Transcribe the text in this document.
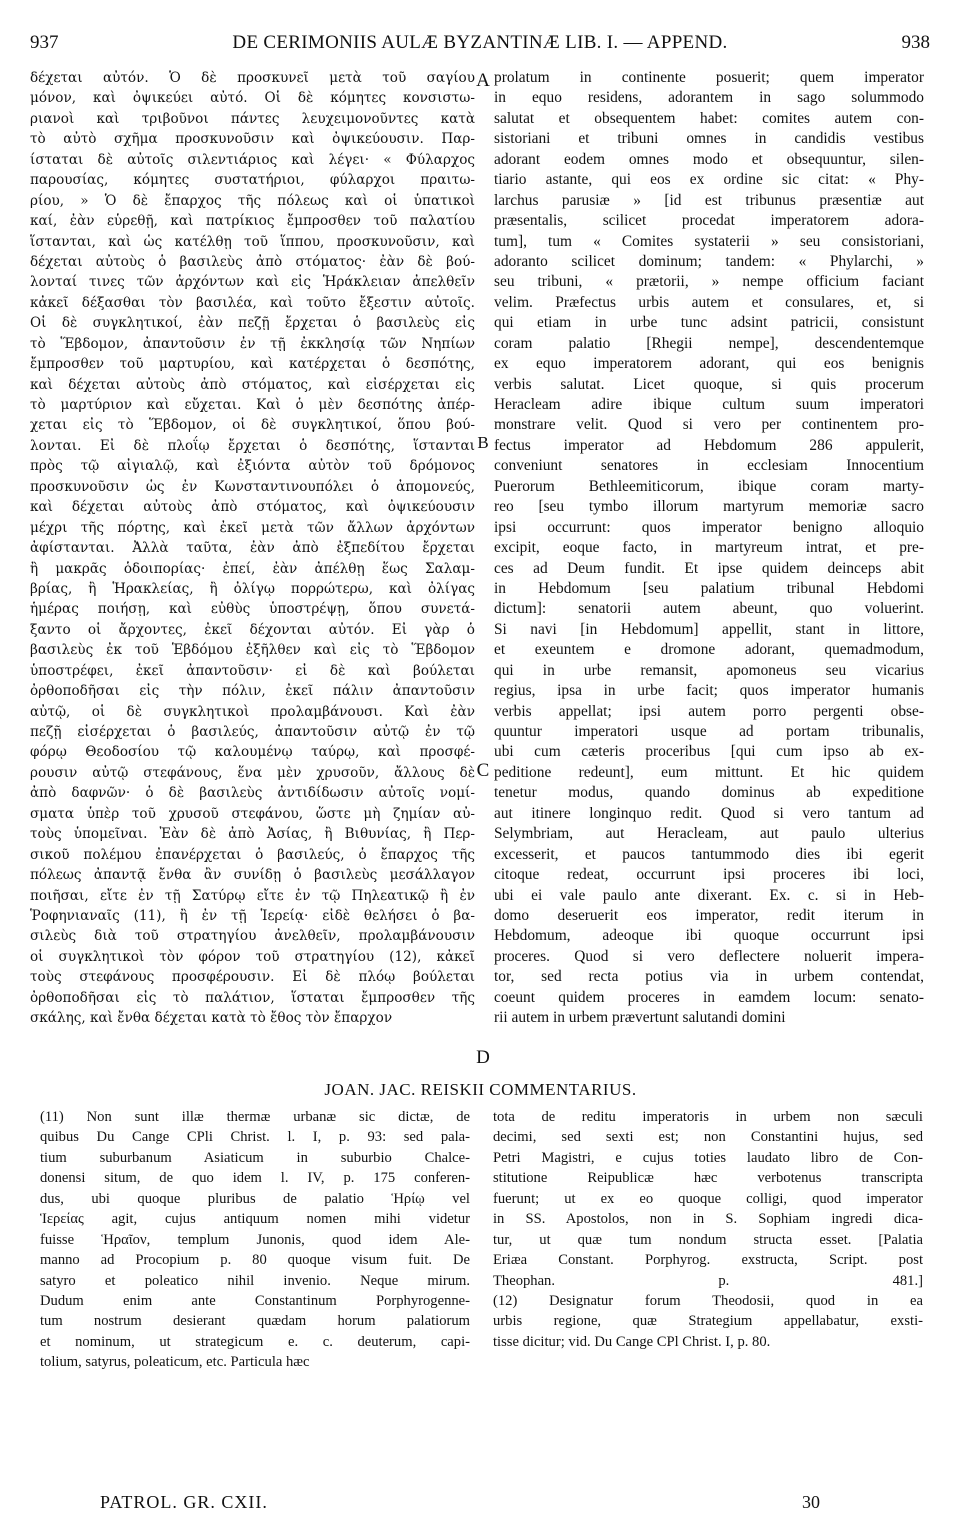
937	DE CERIMONIIS AULÆ BYZANTINÆ LIB. I. — APPEND.	938
δέχεται αὐτόν. Ὁ δὲ προσκυνεῖ μετὰ τοῦ σαγίου
μόνον, καὶ ὀψικεύει αὐτό. Οἱ δὲ κόμητες κονσιστω-
ριανοὶ καὶ τριβοῦνοι πάντες λευχειμονοῦντες κατὰ
τὸ αὐτὸ σχῆμα προσκυνοῦσιν καὶ ὀψικεύουσιν. Παρ-
ίσταται δὲ αὐτοῖς σιλεντιάριος καὶ λέγει· « Φύλαρχος
παρουσίας, κόμητες συστατήριοι, φύλαρχοι πραιτω-
ρίου, » Ὁ δὲ ἔπαρχος τῆς πόλεως καὶ οἱ ὑπατικοὶ
καί, ἐὰν εὑρεθῇ, καὶ πατρίκιος ἔμπροσθεν τοῦ παλατίου
ἵστανται, καὶ ὡς κατέλθῃ τοῦ ἵππου, προσκυνοῦσιν, καὶ
δέχεται αὐτοὺς ὁ βασιλεὺς ἀπὸ στόματος· ἐὰν δὲ βού-
λονταί τινες τῶν ἀρχόντων καὶ εἰς Ἡράκλειαν ἀπελθεῖν
κἀκεῖ δέξασθαι τὸν βασιλέα, καὶ τοῦτο ἔξεστιν αὐτοῖς.
Οἱ δὲ συγκλητικοί, ἐὰν πεζῇ ἔρχεται ὁ βασιλεὺς εἰς
τὸ Ἕβδομον, ἀπαντοῦσιν ἐν τῇ ἐκκλησίᾳ τῶν Νηπίων
ἔμπροσθεν τοῦ μαρτυρίου, καὶ κατέρχεται ὁ δεσπότης,
καὶ δέχεται αὐτοὺς ἀπὸ στόματος, καὶ εἰσέρχεται εἰς
τὸ μαρτύριον καὶ εὔχεται. Καὶ ὁ μὲν δεσπότης ἀπέρ-
χεται εἰς τὸ Ἕβδομον, οἱ δὲ συγκλητικοί, ὅπου βού-
λονται. Εἰ δὲ πλοΐῳ ἔρχεται ὁ δεσπότης, ἵστανται
πρὸς τῷ αἰγιαλῷ, καὶ ἐξιόντα αὐτὸν τοῦ δρόμονος
προσκυνοῦσιν ὡς ἐν Κωνσταντινουπόλει ὁ ἀπομονεύς,
καὶ δέχεται αὐτοὺς ἀπὸ στόματος, καὶ ὀψικεύουσιν
μέχρι τῆς πόρτης, καὶ ἐκεῖ μετὰ τῶν ἄλλων ἀρχόντων
ἀφίστανται. Ἀλλὰ ταῦτα, ἐὰν ἀπὸ ἐξπεδίτου ἔρχεται
ἢ μακρᾶς ὁδοιπορίας· ἐπεί, ἐὰν ἀπέλθῃ ἕως Σαλαμ-
βρίας, ἢ Ἡρακλείας, ἢ ὀλίγῳ πορρώτερω, καὶ ὀλίγας
ἡμέρας ποιήσῃ, καὶ εὐθὺς ὑποστρέψῃ, ὅπου συνετά-
ξαντο οἱ ἄρχοντες, ἐκεῖ δέχονται αὐτόν. Εἰ γὰρ ὁ
βασιλεὺς ἐκ τοῦ Ἑβδόμου ἐξῆλθεν καὶ εἰς τὸ Ἕβδομον
ὑποστρέφει, ἐκεῖ ἀπαντοῦσιν· εἰ δὲ καὶ βούλεται
ὀρθοποδῆσαι εἰς τὴν πόλιν, ἐκεῖ πάλιν ἀπαντοῦσιν
αὐτῷ, οἱ δὲ συγκλητικοὶ προλαμβάνουσι. Καὶ ἐὰν
πεζῇ εἰσέρχεται ὁ βασιλεύς, ἀπαντοῦσιν αὐτῷ ἐν τῷ
φόρῳ Θεοδοσίου τῷ καλουμένῳ ταύρῳ, καὶ προσφέ-
ρουσιν αὐτῷ στεφάνους, ἕνα μὲν χρυσοῦν, ἄλλους δὲ
ἀπὸ δαφνῶν· ὁ δὲ βασιλεὺς ἀντιδίδωσιν αὐτοῖς νομί-
σματα ὑπὲρ τοῦ χρυσοῦ στεφάνου, ὥστε μὴ ζημίαν αὐ-
τοὺς ὑπομεῖναι. Ἐὰν δὲ ἀπὸ Ἀσίας, ἢ Βιθυνίας, ἢ Περ-
σικοῦ πολέμου ἐπανέρχεται ὁ βασιλεύς, ὁ ἔπαρχος τῆς
πόλεως ἀπαντᾷ ἔνθα ἂν συνίδῃ ὁ βασιλεὺς μεσάλλαγον
ποιῆσαι, εἴτε ἐν τῇ Σατύρῳ εἴτε ἐν τῷ Πηλεατικῷ ἢ ἐν
Ῥοφηνιαναῖς (11), ἢ ἐν τῇ Ἱερείᾳ· εἰδὲ θελήσει ὁ βα-
σιλεὺς διὰ τοῦ στρατηγίου ἀνελθεῖν, προλαμβάνουσιν
οἱ συγκλητικοὶ τὸν φόρον τοῦ στρατηγίου (12), κἀκεῖ
τοὺς στεφάνους προσφέρουσιν. Εἰ δὲ πλόῳ βούλεται
ὀρθοποδῆσαι εἰς τὸ παλάτιον, ἵσταται ἔμπροσθεν τῆς
σκάλης, καὶ ἔνθα δέχεται κατὰ τὸ ἔθος τὸν ἔπαρχον
A
B
C
D
prolatum in continente posuerit; quem imperator
in equo residens, adorantem in sago solummodo
salutat et obsequentem habet: comites autem con-
sistoriani et tribuni omnes in candidis vestibus
adorant eodem omnes modo et obsequuntur, silen-
tiario astante, qui eos ex ordine sic citat: « Phy-
larchus parusiæ » [id est tribunus præsentiæ aut
præsentalis, scilicet procedat imperatorem adora-
tum], tum « Comites systaterii » seu consistoriani,
adoranto scilicet dominum; tandem: « Phylarchi, »
seu tribuni, « prætorii, » nempe officium faciant
velim. Præfectus urbis autem et consulares, et, si
qui etiam in urbe tunc adsint patricii, consistunt
coram palatio [Rhegii nempe], descendentemque
ex equo imperatorem adorant, qui eos benignis
verbis salutat. Licet quoque, si quis procerum
Heracleam adire ibique cultum suum imperatori
monstrare velit. Quod si vero per continentem pro-
fectus imperator ad Hebdomum 286 appulerit,
conveniunt senatores in ecclesiam Innocentium
Puerorum Bethleemiticorum, ibique coram marty-
reo [seu tymbo illorum martyrum memoriæ sacro
ipsi occurrunt: quos imperator benigno alloquio
excipit, eoque facto, in martyreum intrat, et pre-
ces ad Deum fundit. Et ipse quidem deinceps abit
in Hebdomum [seu palatium tribunal Hebdomi
dictum]: senatorii autem abeunt, quo voluerint.
Si navi [in Hebdomum] appellit, stant in littore,
et exeuntem e dromone adorant, quemadmodum,
qui in urbe remansit, apomoneus seu vicarius
regius, ipsa in urbe facit; quos imperator humanis
verbis appellat; ipsi autem porro pergenti obse-
quuntur imperatori usque ad portam tribunalis,
ubi cum cæteris proceribus [qui cum ipso ab ex-
peditione redeunt], eum mittunt. Et hic quidem
tenetur modus, quando dominus ab expeditione
aut itinere longinquo redit. Quod si vero tantum ad
Selymbriam, aut Heracleam, aut paulo ulterius
excesserit, et paucos tantummodo dies ibi egerit
citoque redeat, occurrunt ipsi proceres ibi loci,
ubi ei vale paulo ante dixerant. Ex. c. si in Heb-
domo deseruerit eos imperator, redit iterum in
Hebdomum, adeoque ibi quoque occurrunt ipsi
proceres. Quod si vero deflectere noluerit impera-
tor, sed recta potius via in urbem contendat,
coeunt quidem proceres in eamdem locum: senato-
rii autem in urbem prævertunt salutandi domini
JOAN. JAC. REISKII COMMENTARIUS.
(11) Non sunt illæ thermæ urbanæ sic dictæ, de
quibus Du Cange CPli Christ. l. I, p. 93: sed pala-
tium suburbanum Asiaticum in suburbio Chalce-
donensi situm, de quo idem l. IV, p. 175 conferen-
dus, ubi quoque pluribus de palatio Ἡρίῳ vel
Ἱερείας agit, cujus antiquum nomen mihi videtur
fuisse Ἡραῖον, templum Junonis, quod idem Ale-
manno ad Procopium p. 80 quoque visum fuit. De
satyro et poleatico nihil invenio. Neque mirum.
Dudum enim ante Constantinum Porphyrogenne-
tum nostrum desierant quædam horum palatiorum
et nominum, ut strategicum e. c. deuterum, capi-
tolium, satyrus, poleaticum, etc. Particula hæc
tota de reditu imperatoris in urbem non sæculi
decimi, sed sexti est; non Constantini hujus, sed
Petri Magistri, e cujus toties laudato libro de Con-
stitutione Reipublicæ hæc verbotenus transcripta
fuerunt; ut ex eo quoque colligi, quod imperator
in SS. Apostolos, non in S. Sophiam ingredi dica-
tur, ut quæ tum nondum structa esset. [Palatia
Eriæa Constant. Porphyrog. exstructa, Script. post
Theophan. p. 481.]
(12) Designatur forum Theodosii, quod in ea
urbis regione, quæ Strategium appellabatur, exsti-
tisse dicitur; vid. Du Cange CPl Christ. I, p. 80.
PATROL. GR. CXII.	30
